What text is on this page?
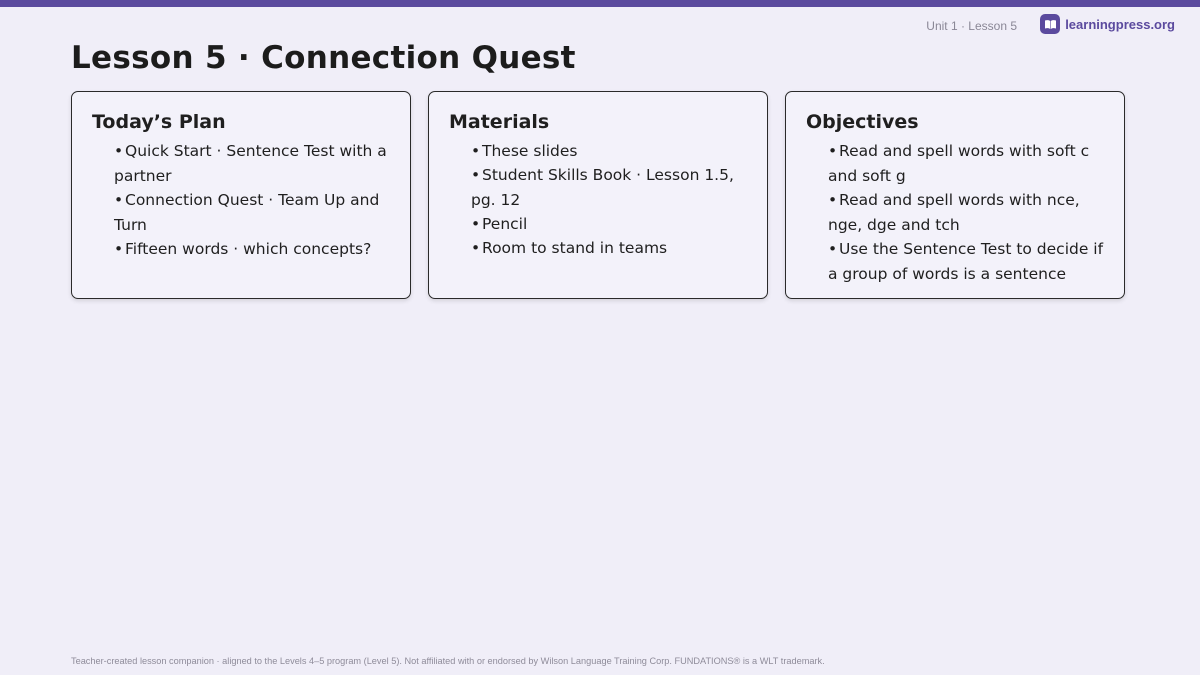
Unit 1 · Lesson 5	learningpress.org
Lesson 5 · Connection Quest
Today’s Plan
• Quick Start · Sentence Test with a partner
• Connection Quest · Team Up and Turn
• Fifteen words · which concepts?
Materials
• These slides
• Student Skills Book · Lesson 1.5, pg. 12
• Pencil
• Room to stand in teams
Objectives
• Read and spell words with soft c and soft g
• Read and spell words with nce, nge, dge and tch
• Use the Sentence Test to decide if a group of words is a sentence
Teacher-created lesson companion · aligned to the Levels 4–5 program (Level 5). Not affiliated with or endorsed by Wilson Language Training Corp. FUNDATIONS® is a WLT trademark.
